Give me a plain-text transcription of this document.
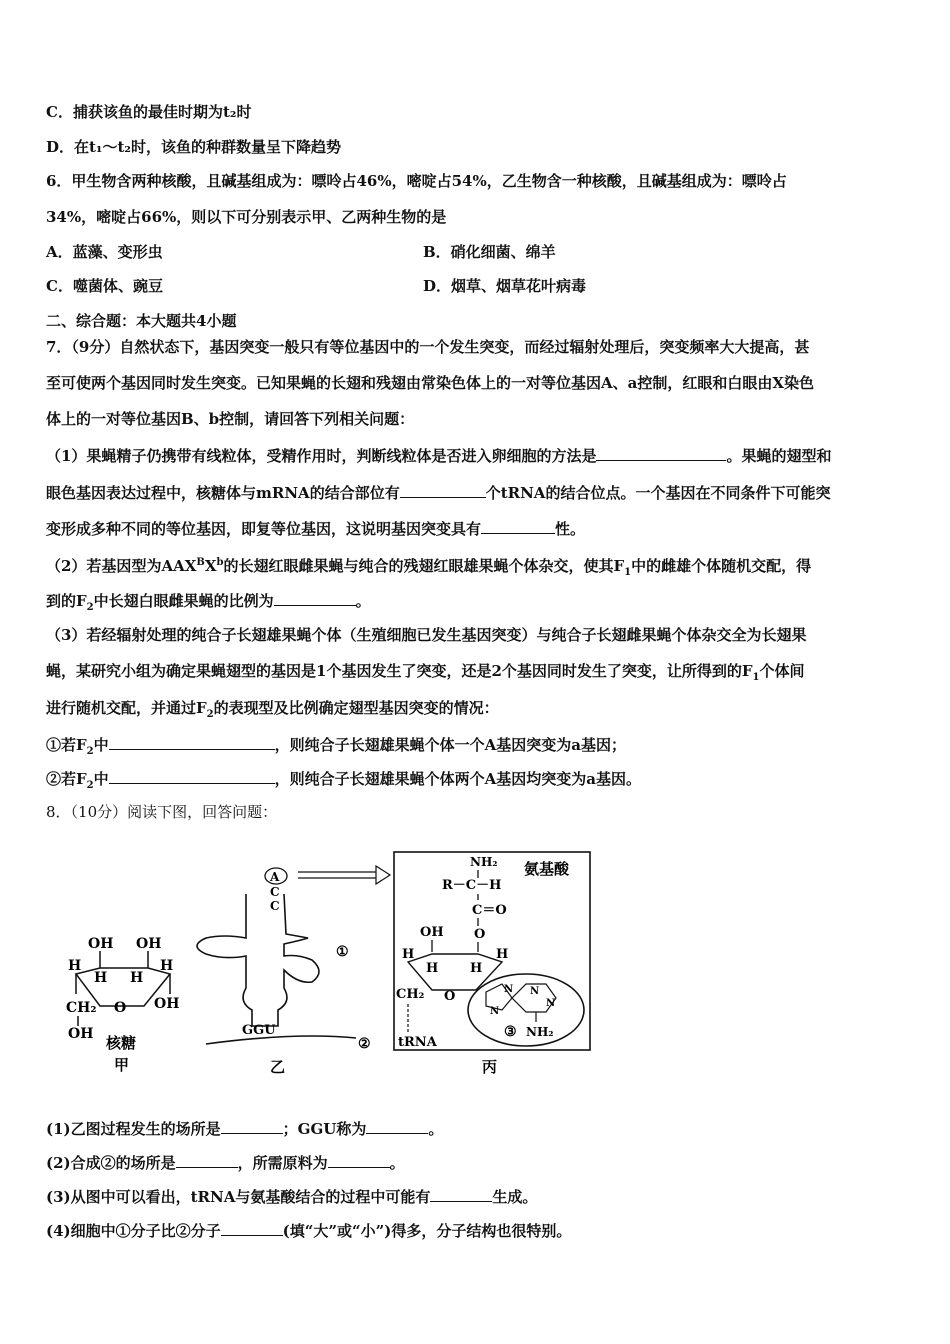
C．捕获该鱼的最佳时期为t₂时
D．在t₁～t₂时，该鱼的种群数量呈下降趋势
6．甲生物含两种核酸，且碱基组成为：嘌呤占46%，嘧啶占54%，乙生物含一种核酸，且碱基组成为：嘌呤占
34%，嘧啶占66%，则以下可分别表示甲、乙两种生物的是
A．蓝藻、变形虫	B．硝化细菌、绵羊
C．噬菌体、豌豆	D．烟草、烟草花叶病毒
二、综合题：本大题共4小题
7．（9分）自然状态下，基因突变一般只有等位基因中的一个发生突变，而经过辐射处理后，突变频率大大提高，甚
至可使两个基因同时发生突变。已知果蝇的长翅和残翅由常染色体上的一对等位基因A、a控制，红眼和白眼由X染色
体上的一对等位基因B、b控制，请回答下列相关问题：
（1）果蝇精子仍携带有线粒体，受精作用时，判断线粒体是否进入卵细胞的方法是	。果蝇的翅型和
眼色基因表达过程中，核糖体与mRNA的结合部位有	个tRNA的结合位点。一个基因在不同条件下可能突
变形成多种不同的等位基因，即复等位基因，这说明基因突变具有	性。
（2）若基因型为$AAX^BX^b$的长翅红眼雌果蝇与纯合的残翅红眼雄果蝇个体杂交，使其$F_1$中的雌雄个体随机交配，得
到的$F_2$中长翅白眼雌果蝇的比例为	。
（3）若经辐射处理的纯合子长翅雄果蝇个体（生殖细胞已发生基因突变）与纯合子长翅雌果蝇个体杂交全为长翅果
蝇，某研究小组为确定果蝇翅型的基因是1个基因发生了突变，还是2个基因同时发生了突变，让所得到的$F_1$个体间
进行随机交配，并通过$F_2$的表现型及比例确定翅型基因突变的情况：
①若$F_2$中	，则纯合子长翅雄果蝇个体一个A基因突变为a基因；
②若$F_2$中	，则纯合子长翅雄果蝇个体两个A基因均突变为a基因。
8．（10分）阅读下图，回答问题：
OH OH
H
H H
H
OH
CH₂ O
OH 核糖
甲
A
C
C
GGU
①
②
乙
NH₂ 氨基酸
R－C－H
C＝O
O
OH
H
H H
H
CH₂ O
tRNA
N N
N
N
③ NH₂
丙
(1)乙图过程发生的场所是	；GGU称为	。
(2)合成②的场所是	，所需原料为	。
(3)从图中可以看出，tRNA与氨基酸结合的过程中可能有	生成。
(4)细胞中①分子比②分子	(填“大”或“小”)得多，分子结构也很特别。
